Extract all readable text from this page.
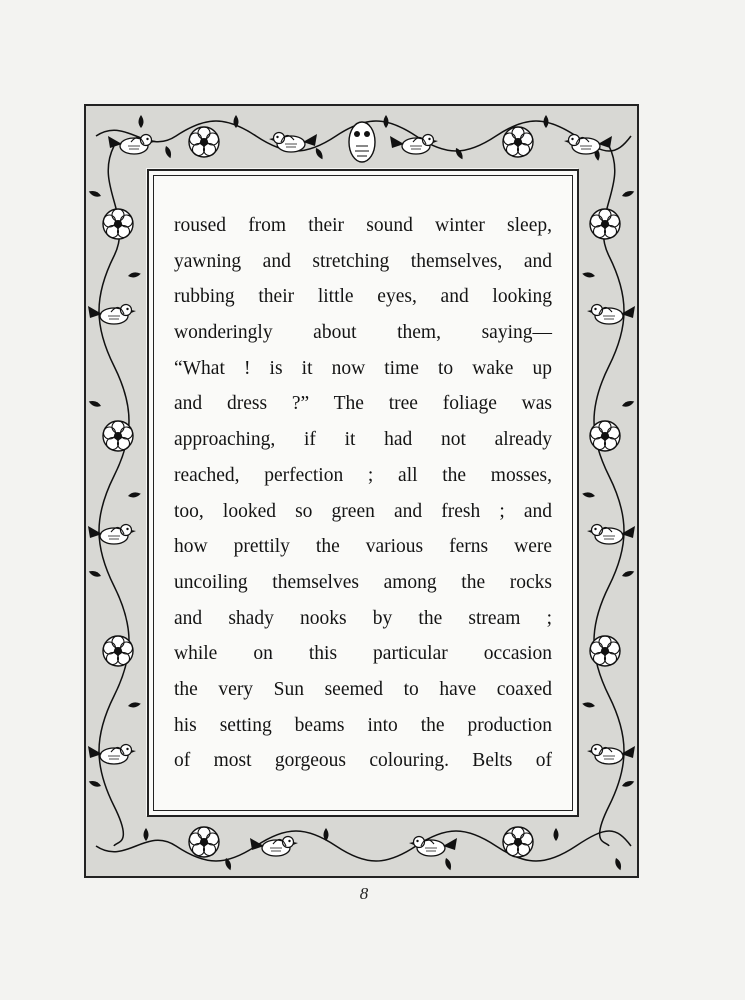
roused from their sound winter sleep,
yawning and stretching themselves, and
rubbing their little eyes, and looking
wonderingly about them, saying—
“What ! is it now time to wake up
and dress ?” The tree foliage was
approaching, if it had not already
reached, perfection ; all the mosses,
too, looked so green and fresh ; and
how prettily the various ferns were
uncoiling themselves among the rocks
and shady nooks by the stream ;
while on this particular occasion
the very Sun seemed to have coaxed
his setting beams into the production
of most gorgeous colouring. Belts of
8
